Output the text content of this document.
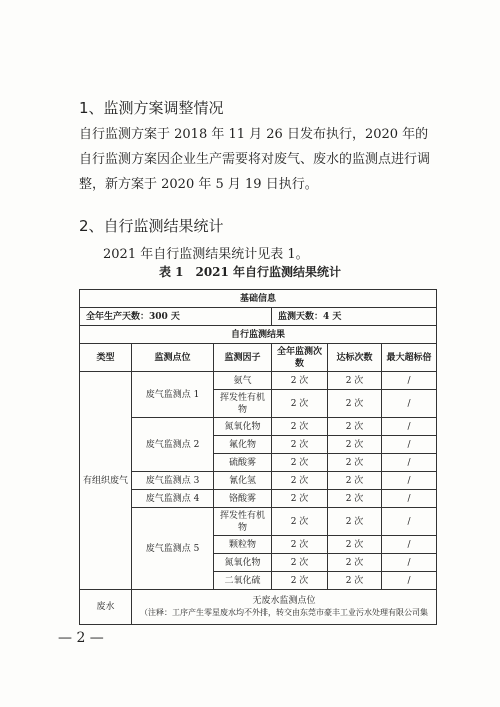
1、监测方案调整情况
自行监测方案于 2018 年 11 月 26 日发布执行，2020 年的自行监测方案因企业生产需要将对废气、废水的监测点进行调整，新方案于 2020 年 5 月 19 日执行。
2、自行监测结果统计
2021 年自行监测结果统计见表 1。
表 1　2021 年自行监测结果统计
基础信息					
全年生产天数：300 天			监测天数：4 天		
自行监测结果					
类型	监测点位	监测因子	全年监测次数	达标次数	最大超标倍
有组织废气	废气监测点 1	氨气	2 次	2 次	/
		挥发性有机物	2 次	2 次	/
	废气监测点 2	氮氧化物	2 次	2 次	/
		氟化物	2 次	2 次	/
		硫酸雾	2 次	2 次	/
	废气监测点 3	氰化氢	2 次	2 次	/
	废气监测点 4	铬酸雾	2 次	2 次	/
	废气监测点 5	挥发性有机物	2 次	2 次	/
		颗粒物	2 次	2 次	/
		氮氧化物	2 次	2 次	/
		二氧化硫	2 次	2 次	/
废水	无废水监测点位
（注释：工序产生零星废水均不外排，转交由东莞市豪丰工业污水处理有限公司集				
— 2 —
